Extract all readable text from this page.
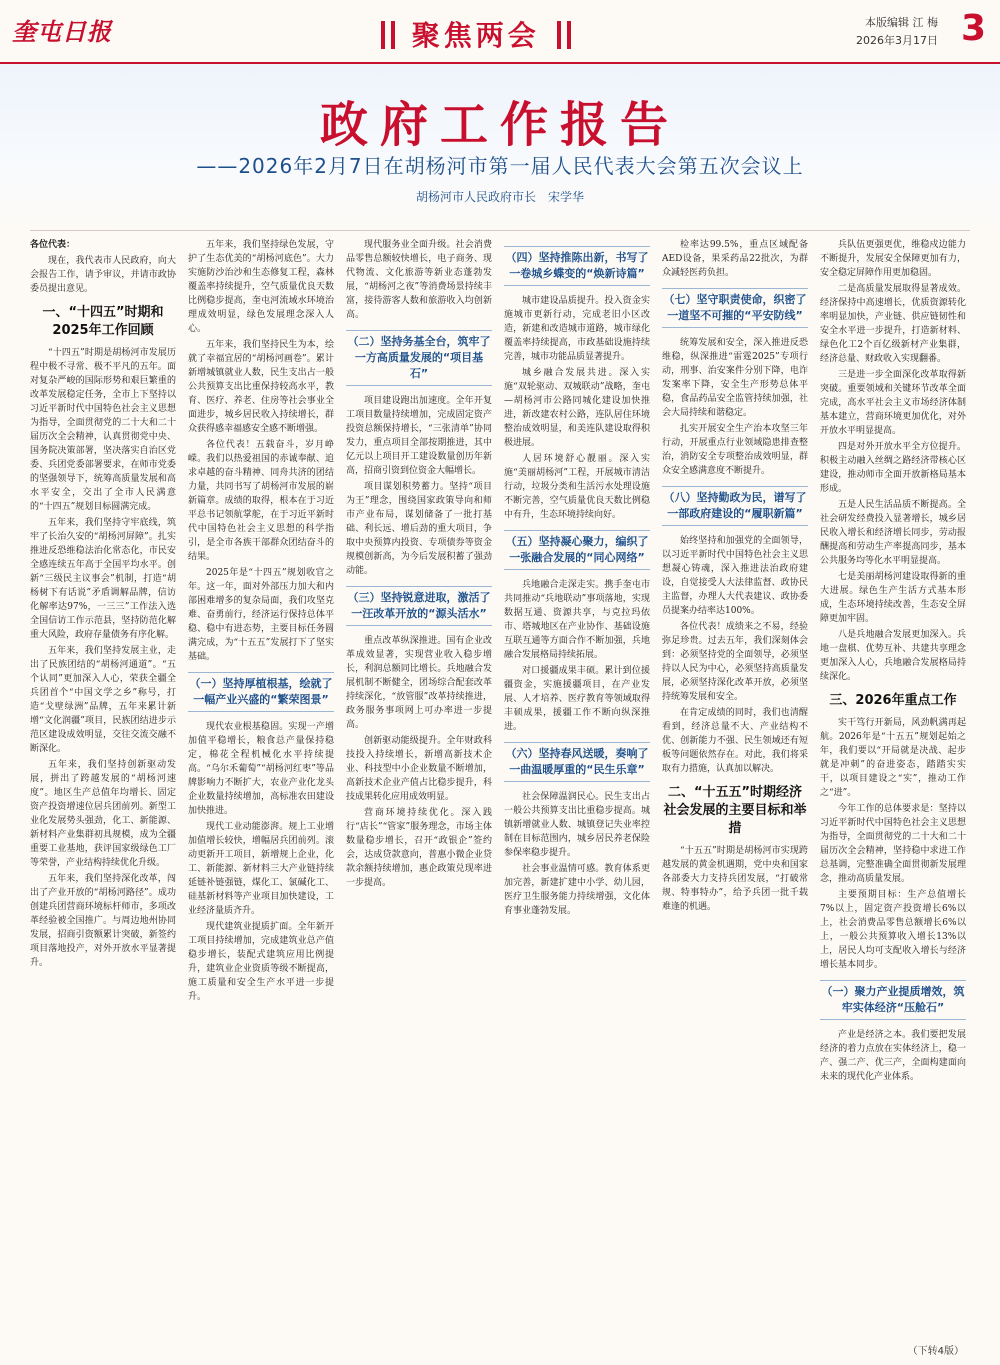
奎屯日报	聚焦两会	本版编辑 江 梅
2026年3月17日 3
政府工作报告
——2026年2月7日在胡杨河市第一届人民代表大会第五次会议上
胡杨河市人民政府市长　宋学华

各位代表：

现在，我代表市人民政府，向大会报告工作，请予审议，并请市政协委员提出意见。

一、“十四五”时期和2025年工作回顾

“十四五”时期是胡杨河市发展历程中极不寻常、极不平凡的五年。面对复杂严峻的国际形势和艰巨繁重的改革发展稳定任务，全市上下坚持以习近平新时代中国特色社会主义思想为指导，全面贯彻党的二十大和二十届历次全会精神，认真贯彻党中央、国务院决策部署，坚决落实自治区党委、兵团党委部署要求，在师市党委的坚强领导下，统筹高质量发展和高水平安全，交出了全市人民满意的“十四五”规划目标圆满完成。

五年来，我们坚持守牢底线，筑牢了长治久安的“胡杨河屏障”。扎实推进反恐维稳法治化常态化，市民安全感连续五年高于全国平均水平。创新“三级民主议事会”机制，打造“胡杨树下有话说”矛盾调解品牌，信访化解率达97%，一三三”工作法入选全国信访工作示范县，坚持防范化解重大风险，政府存量债务有序化解。

五年来，我们坚持发展主业，走出了民族团结的“胡杨河通道”。“五个认同”更加深入人心，荣获全疆全兵团首个“中国文学之乡”称号，打造“戈壁绿洲”品牌，五年来累计新增“文化润疆”项目，民族团结进步示范区建设成效明显，交往交流交融不断深化。

五年来，我们坚持创新驱动发展，拼出了跨越发展的“胡杨河速度”。地区生产总值年均增长、固定资产投资增速位居兵团前列。新型工业化发展势头强劲，化工、新能源、新材料产业集群初具规模，成为全疆重要工业基地，获评国家级绿色工厂等荣誉，产业结构持续优化升级。

五年来，我们坚持深化改革，闯出了产业开放的“胡杨河路径”。成功创建兵团营商环境标杆师市，多项改革经验被全国推广。与周边地州协同发展，招商引资额累计突破，新签约项目落地投产，对外开放水平显著提升。

五年来，我们坚持绿色发展，守护了生态优美的“胡杨河底色”。大力实施防沙治沙和生态修复工程，森林覆盖率持续提升，空气质量优良天数比例稳步提高，奎屯河流域水环境治理成效明显，绿色发展理念深入人心。

五年来，我们坚持民生为本，绘就了幸福宜居的“胡杨河画卷”。累计新增城镇就业人数，民生支出占一般公共预算支出比重保持较高水平，教育、医疗、养老、住房等社会事业全面进步，城乡居民收入持续增长，群众获得感幸福感安全感不断增强。

各位代表！五载奋斗，岁月峥嵘。我们以热爱祖国的赤诚奉献、追求卓越的奋斗精神、同舟共济的团结力量，共同书写了胡杨河市发展的崭新篇章。成绩的取得，根本在于习近平总书记领航掌舵，在于习近平新时代中国特色社会主义思想的科学指引，是全市各族干部群众团结奋斗的结果。

2025年是“十四五”规划收官之年。这一年，面对外部压力加大和内部困难增多的复杂局面，我们攻坚克难、奋勇前行，经济运行保持总体平稳、稳中有进态势，主要目标任务圆满完成，为“十五五”发展打下了坚实基础。

（一）坚持厚植根基，绘就了一幅产业兴盛的“繁荣图景”

现代农业根基稳固。实现一产增加值平稳增长，粮食总产量保持稳定，棉花全程机械化水平持续提高。“乌尔禾葡萄”“胡杨河红枣”等品牌影响力不断扩大，农业产业化龙头企业数量持续增加，高标准农田建设加快推进。

现代工业动能澎湃。规上工业增加值增长较快，增幅居兵团前列。滚动更新开工项目，新增规上企业，化工、新能源、新材料三大产业链持续延链补链强链，煤化工、氯碱化工、硅基新材料等产业项目加快建设，工业经济量质齐升。

现代建筑业提质扩面。全年新开工项目持续增加，完成建筑业总产值稳步增长，装配式建筑应用比例提升，建筑业企业资质等级不断提高，施工质量和安全生产水平进一步提升。

现代服务业全面升级。社会消费品零售总额较快增长，电子商务、现代物流、文化旅游等新业态蓬勃发展，“胡杨河之夜”等消费场景持续丰富，接待游客人数和旅游收入均创新高。

（二）坚持务基全台，筑牢了一方高质量发展的“项目基石”

项目建设跑出加速度。全年开复工项目数量持续增加，完成固定资产投资总额保持增长，“三张清单”协同发力，重点项目全部按期推进，其中亿元以上项目开工建设数量创历年新高，招商引资到位资金大幅增长。

项目谋划积势蓄力。坚持“项目为王”理念，围绕国家政策导向和师市产业布局，谋划储备了一批打基础、利长远、增后劲的重大项目，争取中央预算内投资、专项债券等资金规模创新高，为今后发展积蓄了强劲动能。

（三）坚持锐意进取，激活了一汪改革开放的“源头活水”

重点改革纵深推进。国有企业改革成效显著，实现营业收入稳步增长，利润总额同比增长。兵地融合发展机制不断健全，团场综合配套改革持续深化，“放管服”改革持续推进，政务服务事项网上可办率进一步提高。

创新驱动能级提升。全年财政科技投入持续增长，新增高新技术企业、科技型中小企业数量不断增加，高新技术企业产值占比稳步提升，科技成果转化应用成效明显。

营商环境持续优化。深入践行“店长”“管家”服务理念，市场主体数量稳步增长，召开“政银企”签约会，达成贷款意向，普惠小微企业贷款余额持续增加，惠企政策兑现率进一步提高。

（四）坚持推陈出新，书写了一卷城乡蝶变的“焕新诗篇”

城市建设品质提升。投入资金实施城市更新行动，完成老旧小区改造，新建和改造城市道路，城市绿化覆盖率持续提高，市政基础设施持续完善，城市功能品质显著提升。

城乡融合发展共进。深入实施“双轮驱动、双城联动”战略，奎屯—胡杨河市公路同城化建设加快推进，新改建农村公路，连队居住环境整治成效明显，和美连队建设取得积极进展。

人居环境舒心靓丽。深入实施“美丽胡杨河”工程，开展城市清洁行动，垃圾分类和生活污水处理设施不断完善，空气质量优良天数比例稳中有升，生态环境持续向好。

（五）坚持凝心聚力，编织了一张融合发展的“同心网络”

兵地融合走深走实。携手奎屯市共同推动“兵地联动”事项落地，实现数据互通、资源共享，与克拉玛依市、塔城地区在产业协作、基础设施互联互通等方面合作不断加强，兵地融合发展格局持续拓展。

对口援疆成果丰硕。累计到位援疆资金，实施援疆项目，在产业发展、人才培养、医疗教育等领域取得丰硕成果，援疆工作不断向纵深推进。

（六）坚持春风送暖，奏响了一曲温暖厚重的“民生乐章”

社会保障温润民心。民生支出占一般公共预算支出比重稳步提高。城镇新增就业人数、城镇登记失业率控制在目标范围内，城乡居民养老保险参保率稳步提升。

社会事业温情可感。教育体系更加完善，新建扩建中小学、幼儿园，医疗卫生服务能力持续增强，文化体育事业蓬勃发展。

检率达99.5%，重点区域配备AED设备，果采药品22批次，为群众减轻医药负担。

（七）坚守职责使命，织密了一道坚不可摧的“平安防线”

统筹发展和安全，深入推进反恐维稳，纵深推进“雷霆2025”专项行动，刑事、治安案件分别下降，电诈发案率下降，安全生产形势总体平稳，食品药品安全监管持续加强，社会大局持续和谐稳定。

扎实开展安全生产治本攻坚三年行动，开展重点行业领域隐患排查整治，消防安全专项整治成效明显，群众安全感满意度不断提升。

（八）坚持勤政为民，谱写了一部政府建设的“履职新篇”

始终坚持和加强党的全面领导，以习近平新时代中国特色社会主义思想凝心铸魂，深入推进法治政府建设，自觉接受人大法律监督、政协民主监督，办理人大代表建议、政协委员提案办结率达100%。

各位代表！成绩来之不易，经验弥足珍贵。过去五年，我们深刻体会到：必须坚持党的全面领导，必须坚持以人民为中心，必须坚持高质量发展，必须坚持深化改革开放，必须坚持统筹发展和安全。

在肯定成绩的同时，我们也清醒看到，经济总量不大、产业结构不优、创新能力不强、民生领域还有短板等问题依然存在。对此，我们将采取有力措施，认真加以解决。

二、“十五五”时期经济社会发展的主要目标和举措

“十五五”时期是胡杨河市实现跨越发展的黄金机遇期，党中央和国家各部委大力支持兵团发展，“打破常规、特事特办”，给予兵团一批千载难逢的机遇。

兵队伍更强更优，维稳戍边能力不断提升，发展安全保障更加有力，安全稳定屏障作用更加稳固。

二是高质量发展取得显著成效。经济保持中高速增长，优质资源转化率明显加快，产业链、供应链韧性和安全水平进一步提升，打造新材料、绿色化工2个百亿级新材产业集群，经济总量、财政收入实现翻番。

三是进一步全面深化改革取得新突破。重要领域和关键环节改革全面完成，高水平社会主义市场经济体制基本建立，营商环境更加优化，对外开放水平明显提高。

四是对外开放水平全方位提升。积极主动融入丝绸之路经济带核心区建设，推动师市全面开放新格局基本形成。

五是人民生活品质不断提高。全社会研发经费投入显著增长，城乡居民收入增长和经济增长同步，劳动报酬提高和劳动生产率提高同步，基本公共服务均等化水平明显提高。

七是美丽胡杨河建设取得新的重大进展。绿色生产生活方式基本形成，生态环境持续改善，生态安全屏障更加牢固。

八是兵地融合发展更加深入。兵地一盘棋、优势互补、共建共享理念更加深入人心，兵地融合发展格局持续深化。

三、2026年重点工作

实干笃行开新局，风劲帆满再起航。2026年是“十五五”规划起始之年，我们要以“开局就是决战、起步就是冲刺”的奋进姿态，踏踏实实干，以项目建设之“实”，推动工作之“进”。

今年工作的总体要求是：坚持以习近平新时代中国特色社会主义思想为指导，全面贯彻党的二十大和二十届历次全会精神，坚持稳中求进工作总基调，完整准确全面贯彻新发展理念，推动高质量发展。

主要预期目标：生产总值增长7%以上，固定资产投资增长6%以上，社会消费品零售总额增长6%以上，一般公共预算收入增长13%以上，居民人均可支配收入增长与经济增长基本同步。

（一）聚力产业提质增效，筑牢实体经济“压舱石”

产业是经济之本。我们要把发展经济的着力点放在实体经济上，稳一产、强二产、优三产，全面构建面向未来的现代化产业体系。

（下转4版）
